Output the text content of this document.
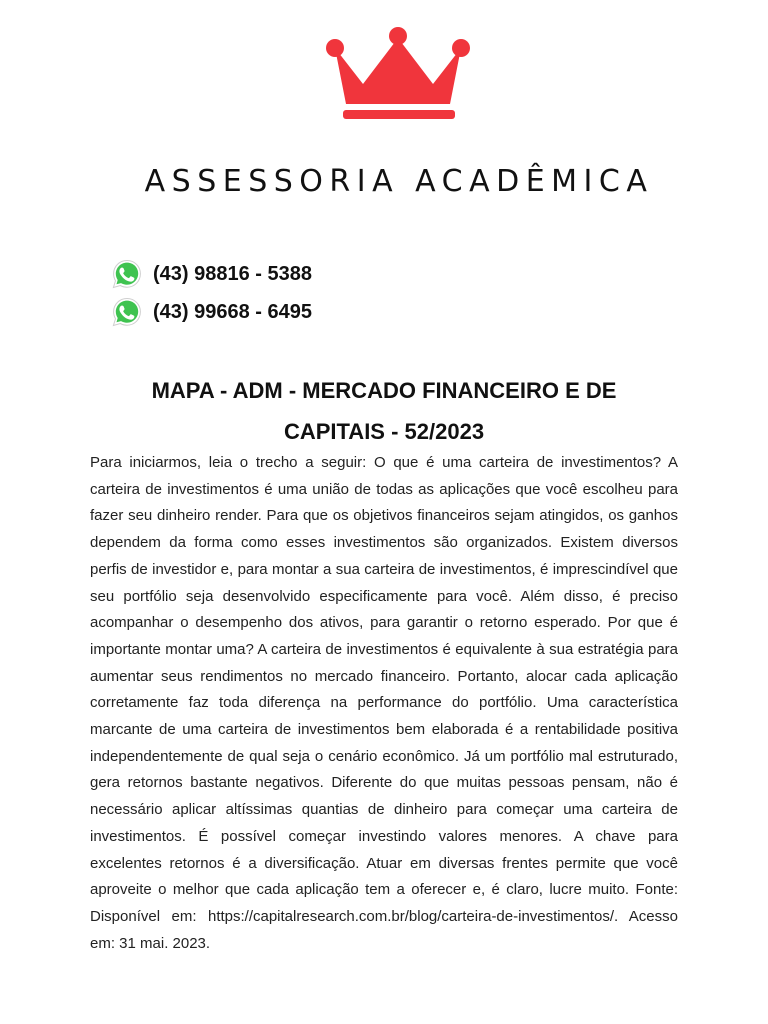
ASSESSORIA ACADÊMICA
(43) 98816 - 5388
(43) 99668 - 6495
MAPA - ADM - MERCADO FINANCEIRO E DE
CAPITAIS - 52/2023

Para iniciarmos, leia o trecho a seguir: O que é uma carteira de investimentos? A carteira de investimentos é uma união de todas as aplicações que você escolheu para fazer seu dinheiro render. Para que os objetivos financeiros sejam atingidos, os ganhos dependem da forma como esses investimentos são organizados. Existem diversos perfis de investidor e, para montar a sua carteira de investimentos, é imprescindível que seu portfólio seja desenvolvido especificamente para você. Além disso, é preciso acompanhar o desempenho dos ativos, para garantir o retorno esperado. Por que é importante montar uma? A carteira de investimentos é equivalente à sua estratégia para aumentar seus rendimentos no mercado financeiro. Portanto, alocar cada aplicação corretamente faz toda diferença na performance do portfólio. Uma característica marcante de uma carteira de investimentos bem elaborada é a rentabilidade positiva independentemente de qual seja o cenário econômico. Já um portfólio mal estruturado, gera retornos bastante negativos. Diferente do que muitas pessoas pensam, não é necessário aplicar altíssimas quantias de dinheiro para começar uma carteira de investimentos. É possível começar investindo valores menores. A chave para excelentes retornos é a diversificação. Atuar em diversas frentes permite que você aproveite o melhor que cada aplicação tem a oferecer e, é claro, lucre muito. Fonte: Disponível em: https://capitalresearch.com.br/blog/carteira-de-investimentos/. Acesso em: 31 mai. 2023.
